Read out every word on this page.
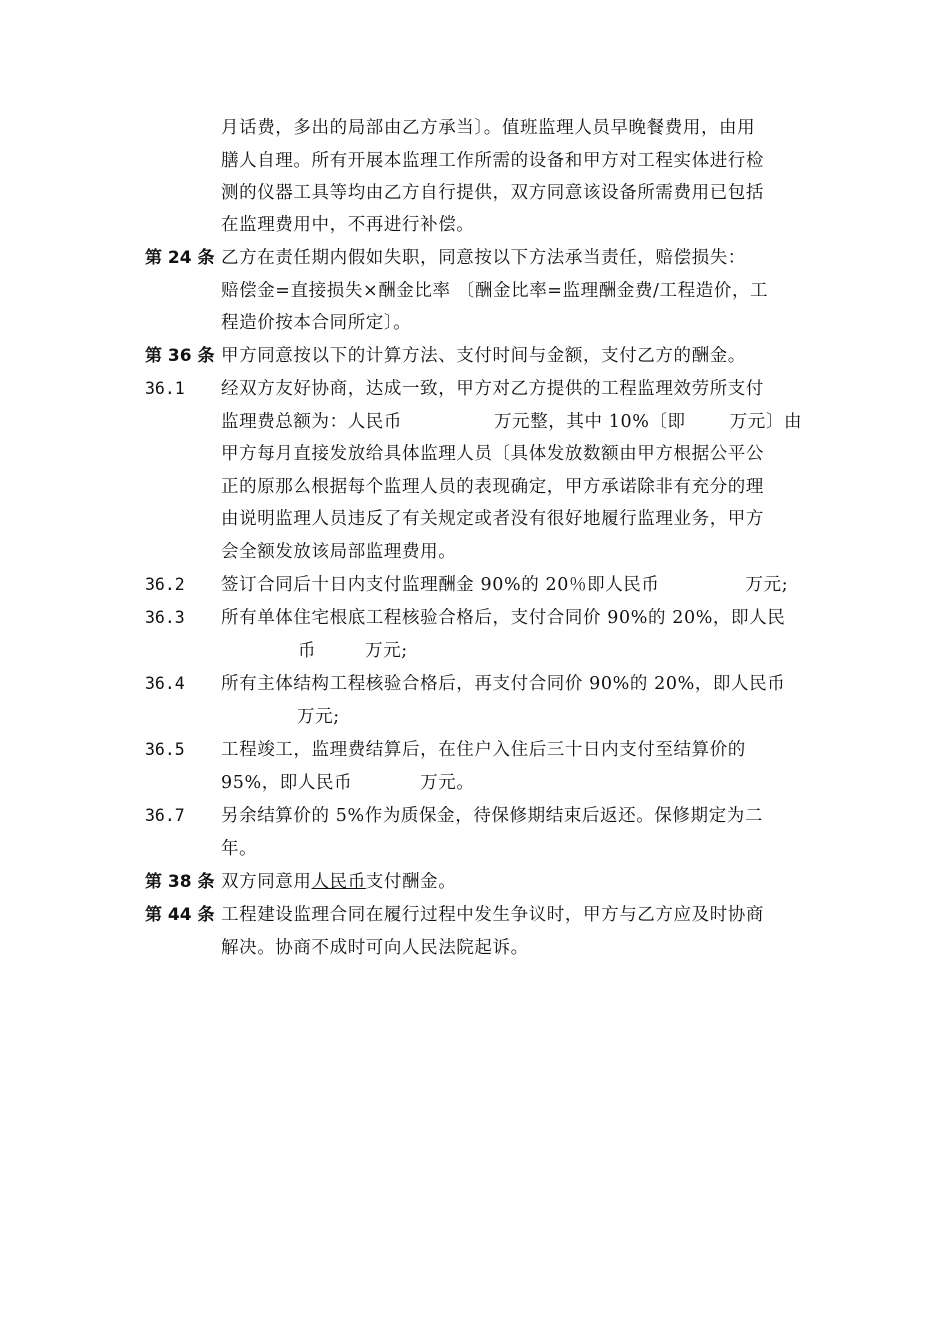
月话费，多出的局部由乙方承当〕。值班监理人员早晚餐费用，由用
膳人自理。所有开展本监理工作所需的设备和甲方对工程实体进行检
测的仪器工具等均由乙方自行提供，双方同意该设备所需费用已包括
在监理费用中，不再进行补偿。
第 24 条 乙方在责任期内假如失职，同意按以下方法承当责任，赔偿损失：
赔偿金=直接损失×酬金比率 〔酬金比率=监理酬金费/工程造价，工
程造价按本合同所定〕。
第 36 条 甲方同意按以下的计算方法、支付时间与金额，支付乙方的酬金。
36.1 经双方友好协商，达成一致，甲方对乙方提供的工程监理效劳所支付
监理费总额为：人民币	万元整，其中 10%〔即	万元〕由
甲方每月直接发放给具体监理人员〔具体发放数额由甲方根据公平公
正的原那么根据每个监理人员的表现确定，甲方承诺除非有充分的理
由说明监理人员违反了有关规定或者没有很好地履行监理业务，甲方
会全额发放该局部监理费用。
36.2 签订合同后十日内支付监理酬金 90%的 20％即人民币	万元;
36.3 所有单体住宅根底工程核验合格后，支付合同价 90%的 20%，即人民
币	万元;
36.4 所有主体结构工程核验合格后，再支付合同价 90%的 20%，即人民币
万元;
36.5 工程竣工，监理费结算后，在住户入住后三十日内支付至结算价的
95%，即人民币	万元。
36.7 另余结算价的 5%作为质保金，待保修期结束后返还。保修期定为二
年。
第 38 条 双方同意用人民币支付酬金。
第 44 条 工程建设监理合同在履行过程中发生争议时，甲方与乙方应及时协商
解决。协商不成时可向人民法院起诉。
